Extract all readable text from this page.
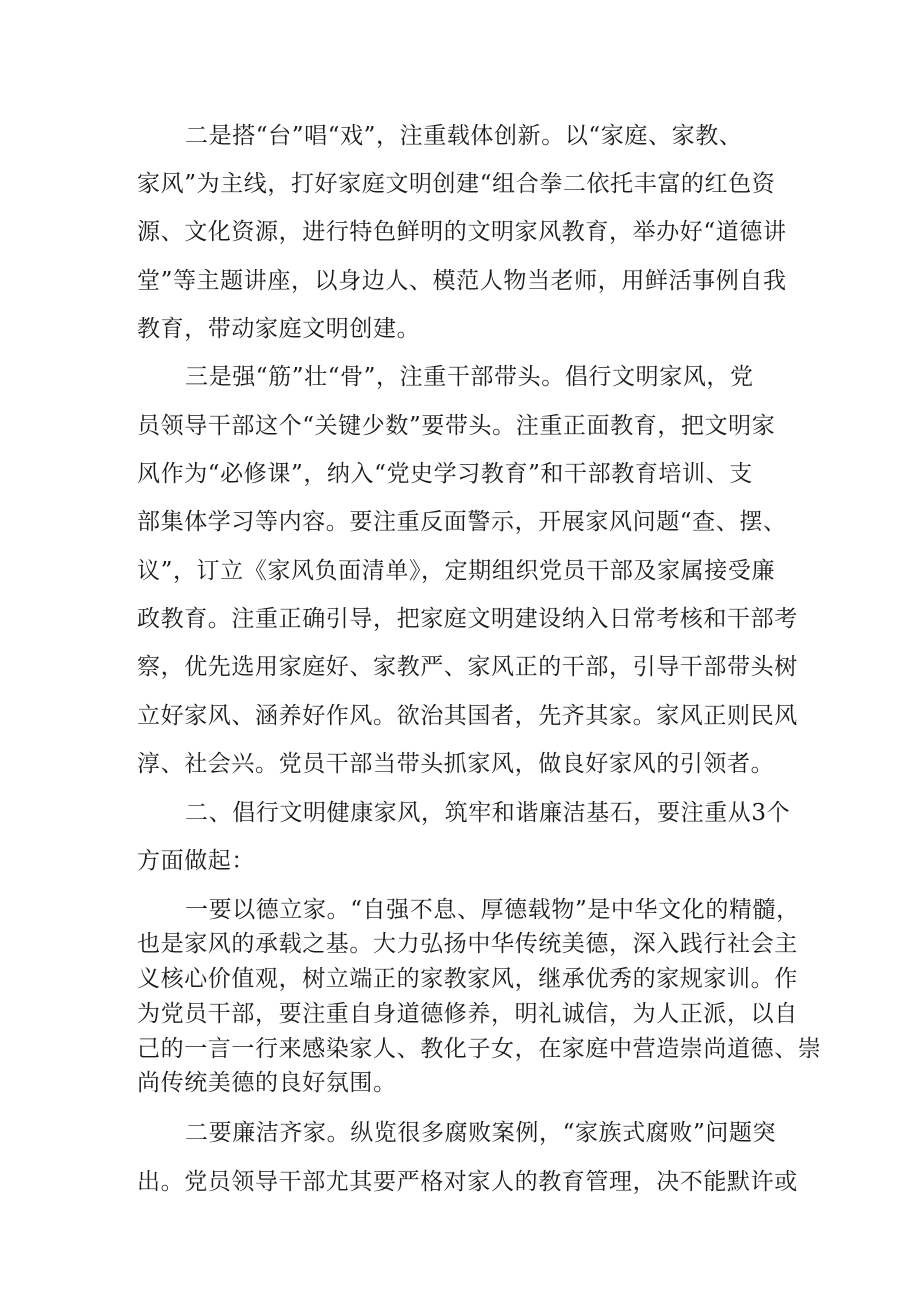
二是搭“台”唱“戏”，注重载体创新。以“家庭、家教、

家风”为主线，打好家庭文明创建“组合拳二依托丰富的红色资

源、文化资源，进行特色鲜明的文明家风教育，举办好“道德讲

堂”等主题讲座，以身边人、模范人物当老师，用鲜活事例自我

教育，带动家庭文明创建。

三是强“筋”壮“骨”，注重干部带头。倡行文明家风，党

员领导干部这个“关键少数”要带头。注重正面教育，把文明家

风作为“必修课”，纳入“党史学习教育”和干部教育培训、支

部集体学习等内容。要注重反面警示，开展家风问题“查、摆、

议”，订立《家风负面清单》，定期组织党员干部及家属接受廉

政教育。注重正确引导，把家庭文明建设纳入日常考核和干部考

察，优先选用家庭好、家教严、家风正的干部，引导干部带头树

立好家风、涵养好作风。欲治其国者，先齐其家。家风正则民风

淳、社会兴。党员干部当带头抓家风，做良好家风的引领者。

二、倡行文明健康家风，筑牢和谐廉洁基石，要注重从3个

方面做起：

一要以德立家。“自强不息、厚德载物”是中华文化的精髓，

也是家风的承载之基。大力弘扬中华传统美德，深入践行社会主

义核心价值观，树立端正的家教家风，继承优秀的家规家训。作

为党员干部，要注重自身道德修养，明礼诚信，为人正派，以自

己的一言一行来感染家人、教化子女，在家庭中营造崇尚道德、崇

尚传统美德的良好氛围。

二要廉洁齐家。纵览很多腐败案例，“家族式腐败”问题突

出。党员领导干部尤其要严格对家人的教育管理，决不能默许或
